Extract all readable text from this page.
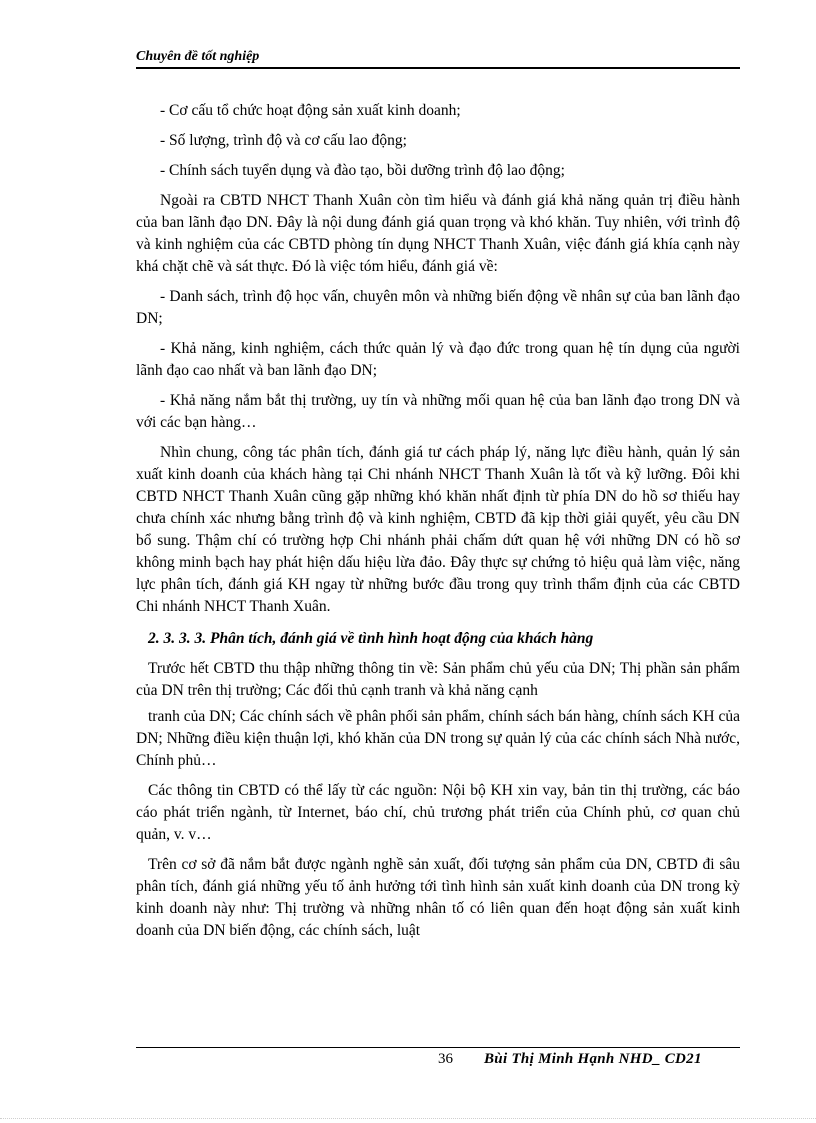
Chuyên đề tốt nghiệp

- Cơ cấu tổ chức hoạt động sản xuất kinh doanh;

- Số lượng, trình độ và cơ cấu lao động;

- Chính sách tuyển dụng và đào tạo, bồi dưỡng trình độ lao động;

Ngoài ra CBTD NHCT Thanh Xuân còn tìm hiểu và đánh giá khả năng quản trị điều hành của ban lãnh đạo DN. Đây là nội dung đánh giá quan trọng và khó khăn. Tuy nhiên, với trình độ và kinh nghiệm của các CBTD phòng tín dụng NHCT Thanh Xuân, việc đánh giá khía cạnh này khá chặt chẽ và sát thực. Đó là việc tóm hiểu, đánh giá về:

- Danh sách, trình độ học vấn, chuyên môn và những biến động về nhân sự của ban lãnh đạo DN;

- Khả năng, kinh nghiệm, cách thức quản lý và đạo đức trong quan hệ tín dụng của người lãnh đạo cao nhất và ban lãnh đạo DN;

- Khả năng nắm bắt thị trường, uy tín và những mối quan hệ của ban lãnh đạo trong DN và với các bạn hàng…

Nhìn chung, công tác phân tích, đánh giá tư cách pháp lý, năng lực điều hành, quản lý sản xuất kinh doanh của khách hàng tại Chi nhánh NHCT Thanh Xuân là tốt và kỹ lưỡng. Đôi khi CBTD NHCT Thanh Xuân cũng gặp những khó khăn nhất định từ phía DN do hồ sơ thiếu hay chưa chính xác nhưng bằng trình độ và kinh nghiệm, CBTD đã kịp thời giải quyết, yêu cầu DN bổ sung. Thậm chí có trường hợp Chi nhánh phải chấm dứt quan hệ với những DN có hồ sơ không minh bạch hay phát hiện dấu hiệu lừa đảo. Đây thực sự chứng tỏ hiệu quả làm việc, năng lực phân tích, đánh giá KH ngay từ những bước đầu trong quy trình thẩm định của các CBTD Chi nhánh NHCT Thanh Xuân.

2. 3. 3. 3. Phân tích, đánh giá về tình hình hoạt động của khách hàng

Trước hết CBTD thu thập những thông tin về: Sản phẩm chủ yếu của DN; Thị phần sản phẩm của DN trên thị trường; Các đối thủ cạnh tranh và khả năng cạnh

tranh của DN; Các chính sách về phân phối sản phẩm, chính sách bán hàng, chính sách KH của DN; Những điều kiện thuận lợi, khó khăn của DN trong sự quản lý của các chính sách Nhà nước, Chính phủ…

Các thông tin CBTD có thể lấy từ các nguồn: Nội bộ KH xin vay, bản tin thị trường, các báo cáo phát triển ngành, từ Internet, báo chí, chủ trương phát triển của Chính phủ, cơ quan chủ quản, v. v…

Trên cơ sở đã nắm bắt được ngành nghề sản xuất, đối tượng sản phẩm của DN, CBTD đi sâu phân tích, đánh giá những yếu tố ảnh hưởng tới tình hình sản xuất kinh doanh của DN trong kỳ kinh doanh này như: Thị trường và những nhân tố có liên quan đến hoạt động sản xuất kinh doanh của DN biến động, các chính sách, luật

36 Bùi Thị Minh Hạnh NHD_ CD21
